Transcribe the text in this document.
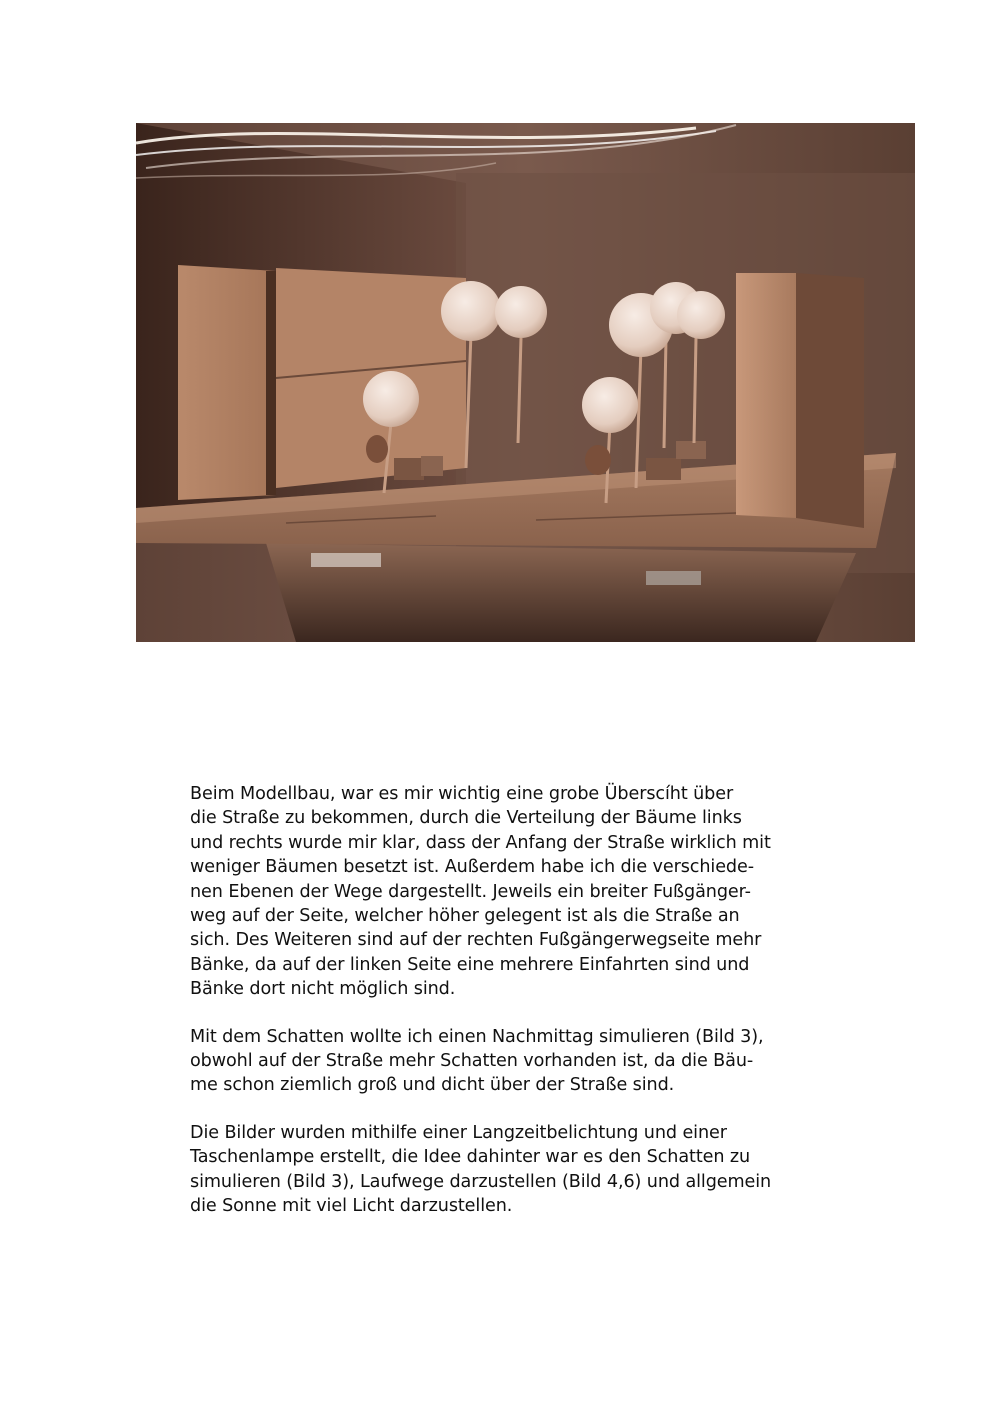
Beim Modellbau, war es mir wichtig eine grobe Überscíht über
die Straße zu bekommen, durch die Verteilung der Bäume links
und rechts wurde mir klar, dass der Anfang der Straße wirklich mit
weniger Bäumen besetzt ist. Außerdem habe ich die verschiede-
nen Ebenen der Wege dargestellt. Jeweils ein breiter Fußgänger-
weg auf der Seite, welcher höher gelegent ist als die Straße an
sich. Des Weiteren sind auf der rechten Fußgängerwegseite mehr
Bänke, da auf der linken Seite eine mehrere Einfahrten sind und
Bänke dort nicht möglich sind.

Mit dem Schatten wollte ich einen Nachmittag simulieren (Bild 3),
obwohl auf der Straße mehr Schatten vorhanden ist, da die Bäu-
me schon ziemlich groß und dicht über der Straße sind.

Die Bilder wurden mithilfe einer Langzeitbelichtung und einer
Taschenlampe erstellt, die Idee dahinter war es den Schatten zu
simulieren (Bild 3), Laufwege darzustellen (Bild 4,6) und allgemein
die Sonne mit viel Licht darzustellen.
